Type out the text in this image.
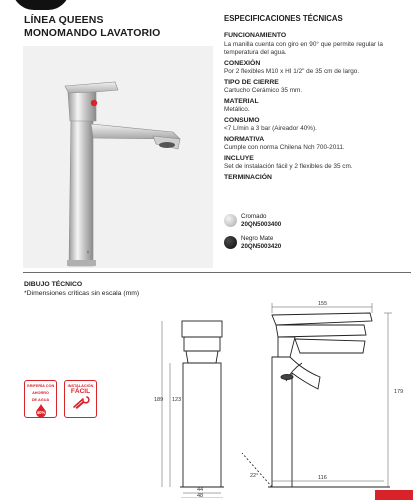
LÍNEA QUEENS
MONOMANDO LAVATORIO
▮
ESPECIFICACIONES TÉCNICAS
FUNCIONAMIENTO
La manilla cuenta con giro en 90° que permite regular la temperatura del agua.
CONEXIÓN
Por 2 flexibles M10 x HI 1/2" de 35 cm de largo.
TIPO DE CIERRE
Cartucho Cerámico 35 mm.
MATERIAL
Metálico.
CONSUMO
<7 L/min a 3 bar (Aireador 40%).
NORMATIVA
Cumple con norma Chilena Nch 700-2011.
INCLUYE
Set de instalación fácil y 2 flexibles de 35 cm.
TERMINACIÓN
Cromado
20QN5003400
Negro Mate
20QN5003420
DIBUJO TÉCNICO
*Dimensiones críticas sin escala (mm)
GRIFERÍA CON
AHORRO
DE AGUA
40%
INSTALACIÓN
FÁCIL
155
179
189 123
116
44
48
22°
